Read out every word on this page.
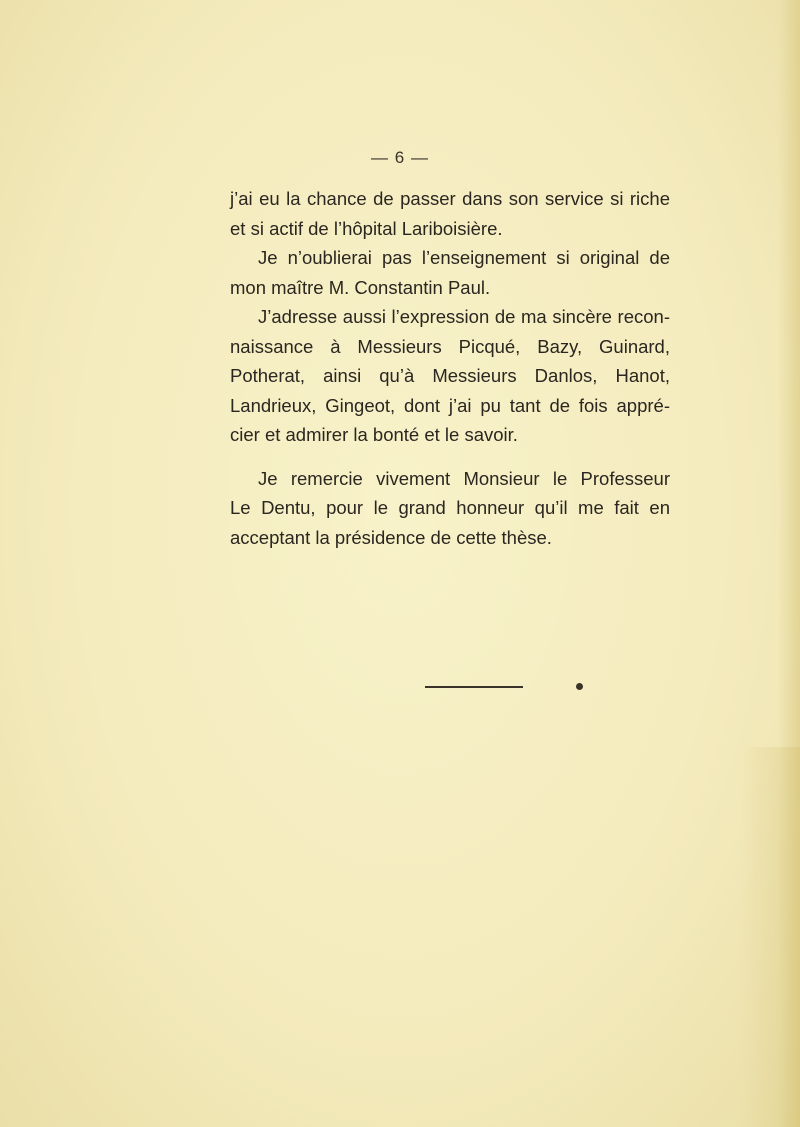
— 6 —
j’ai eu la chance de passer dans son service si riche
et si actif de l’hôpital Lariboisière.
Je n’oublierai pas l’enseignement si original de
mon maître M. Constantin Paul.
J’adresse aussi l’expression de ma sincère recon-
naissance à Messieurs Picqué, Bazy, Guinard,
Potherat, ainsi qu’à Messieurs Danlos, Hanot,
Landrieux, Gingeot, dont j’ai pu tant de fois appré-
cier et admirer la bonté et le savoir.
Je remercie vivement Monsieur le Professeur
Le Dentu, pour le grand honneur qu’il me fait en
acceptant la présidence de cette thèse.
